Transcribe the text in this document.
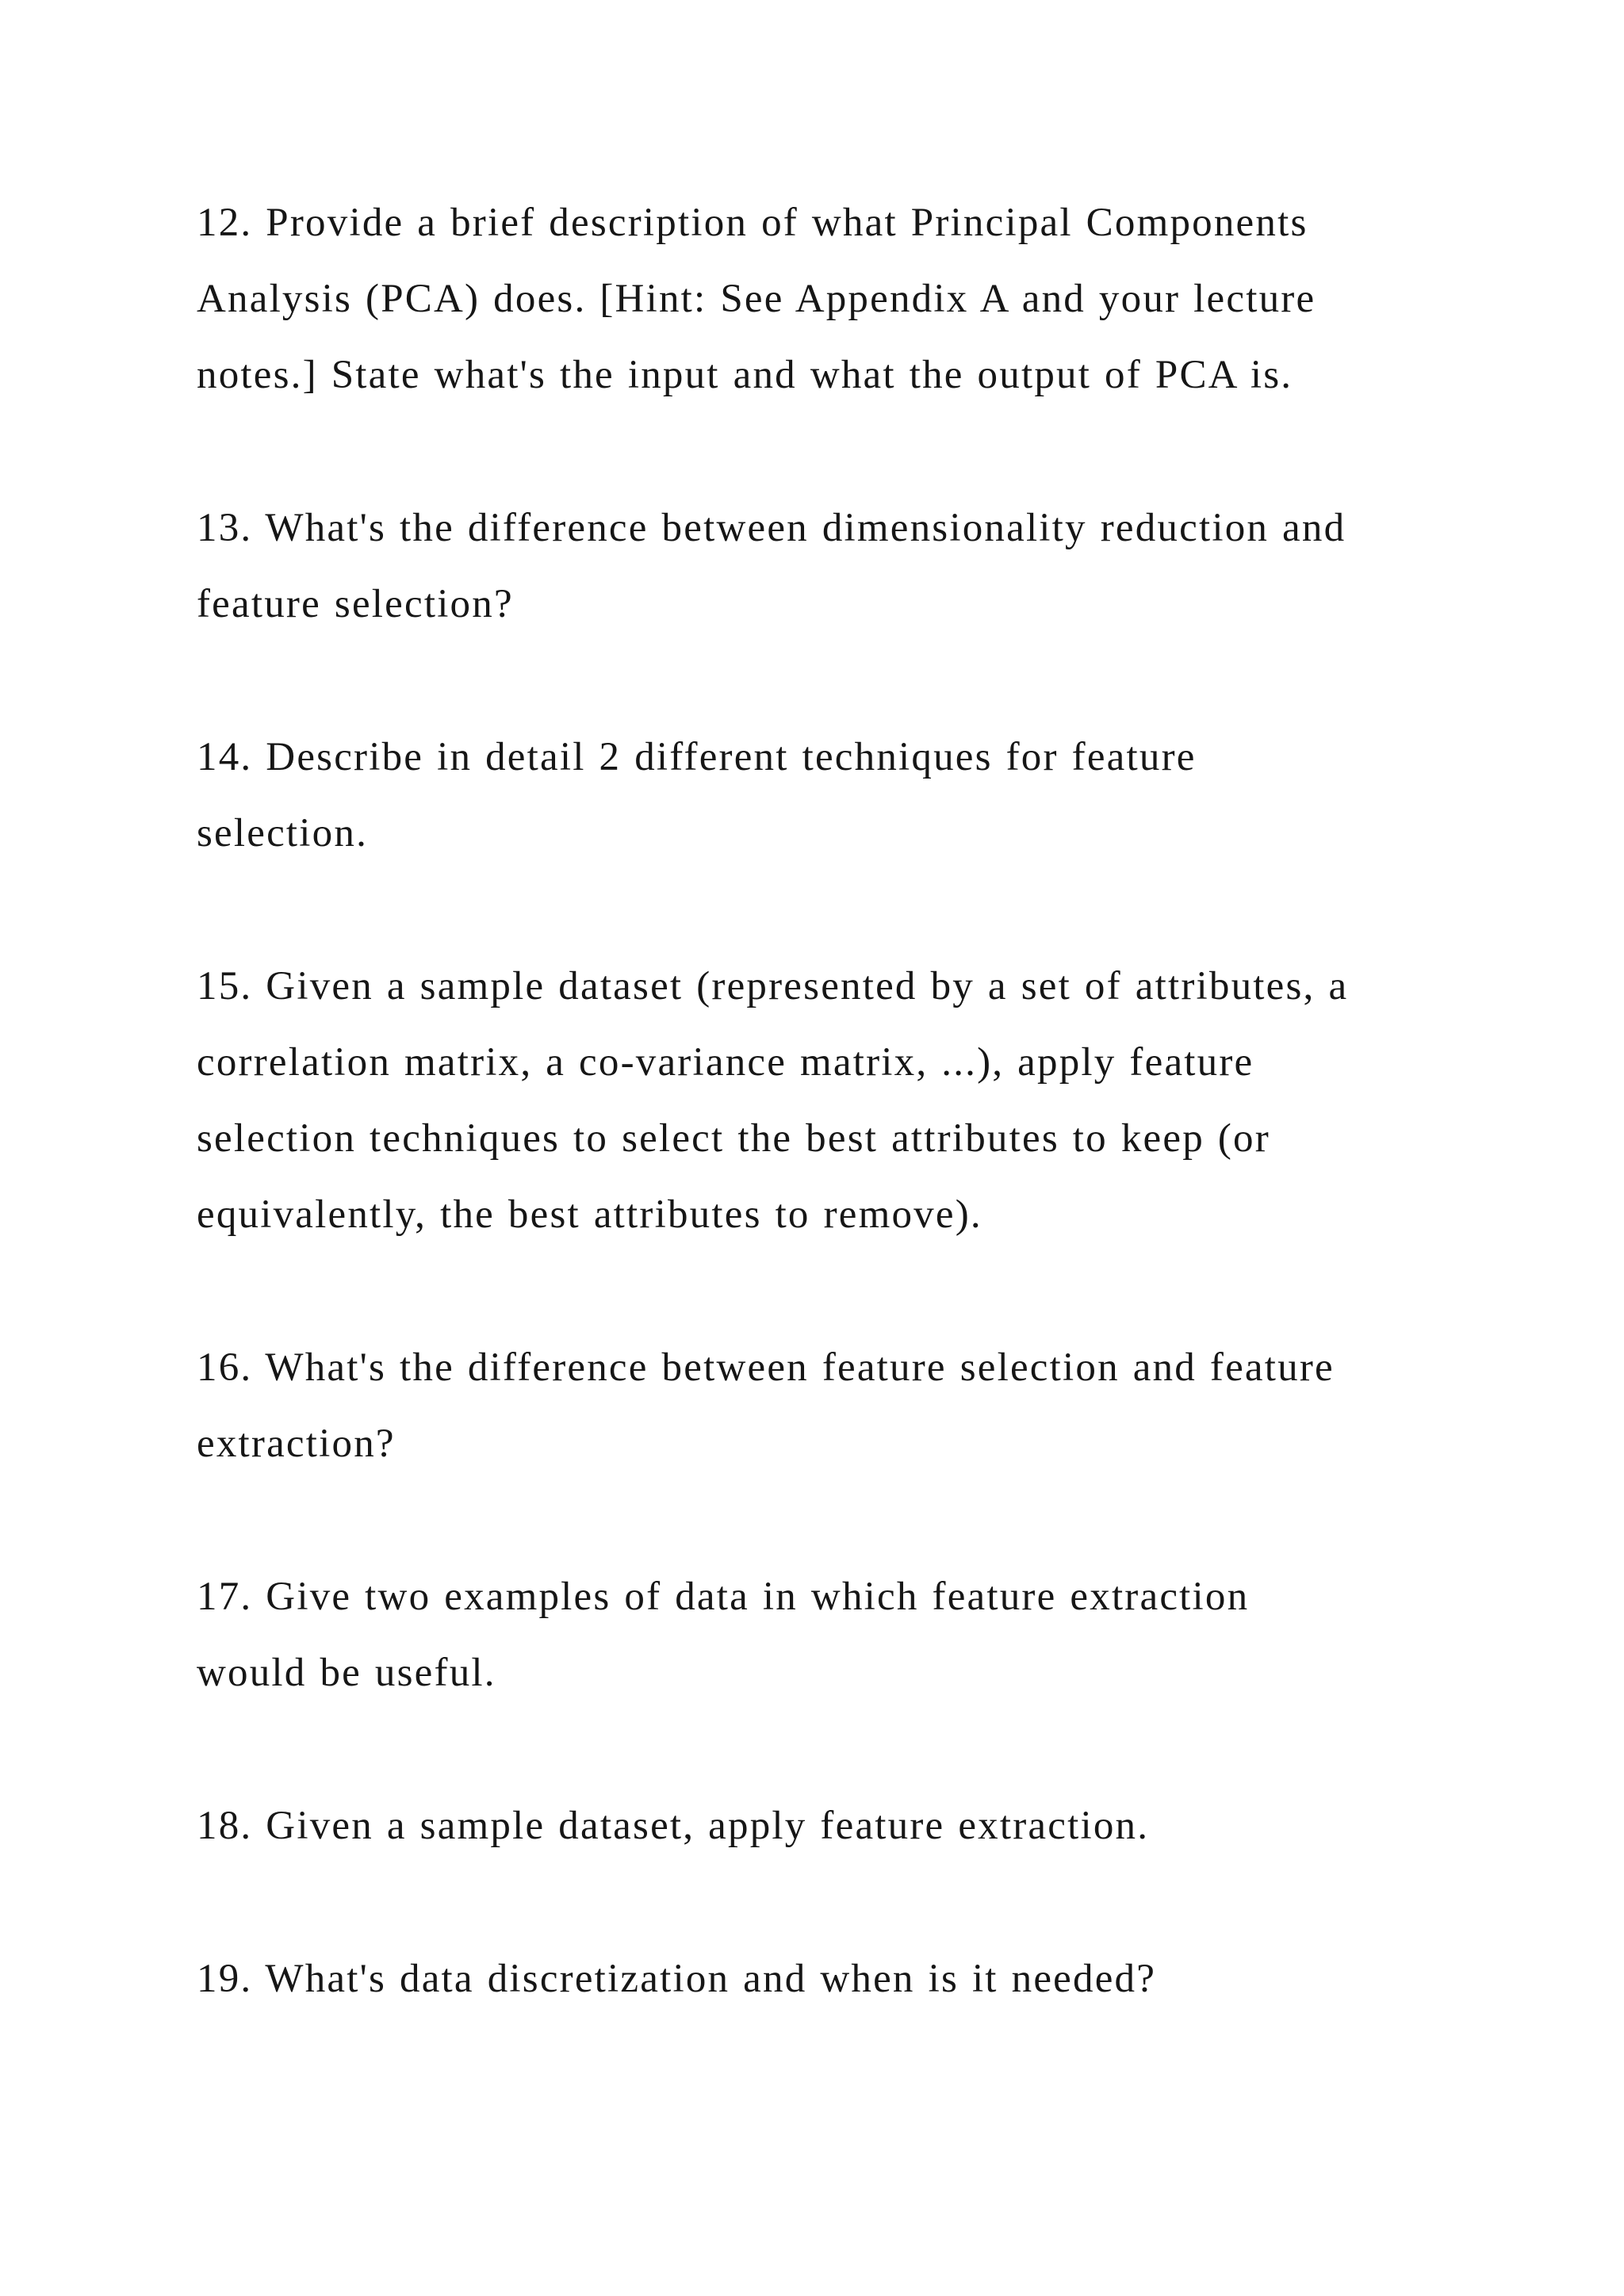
12. Provide a brief description of what Principal Components
Analysis (PCA) does. [Hint: See Appendix A and your lecture
notes.] State what's the input and what the output of PCA is.

13. What's the difference between dimensionality reduction and
feature selection?

14. Describe in detail 2 different techniques for feature
selection.

15. Given a sample dataset (represented by a set of attributes, a
correlation matrix, a co-variance matrix, ...), apply feature
selection techniques to select the best attributes to keep (or
equivalently, the best attributes to remove).

16. What's the difference between feature selection and feature
extraction?

17. Give two examples of data in which feature extraction
would be useful.

18. Given a sample dataset, apply feature extraction.

19. What's data discretization and when is it needed?
